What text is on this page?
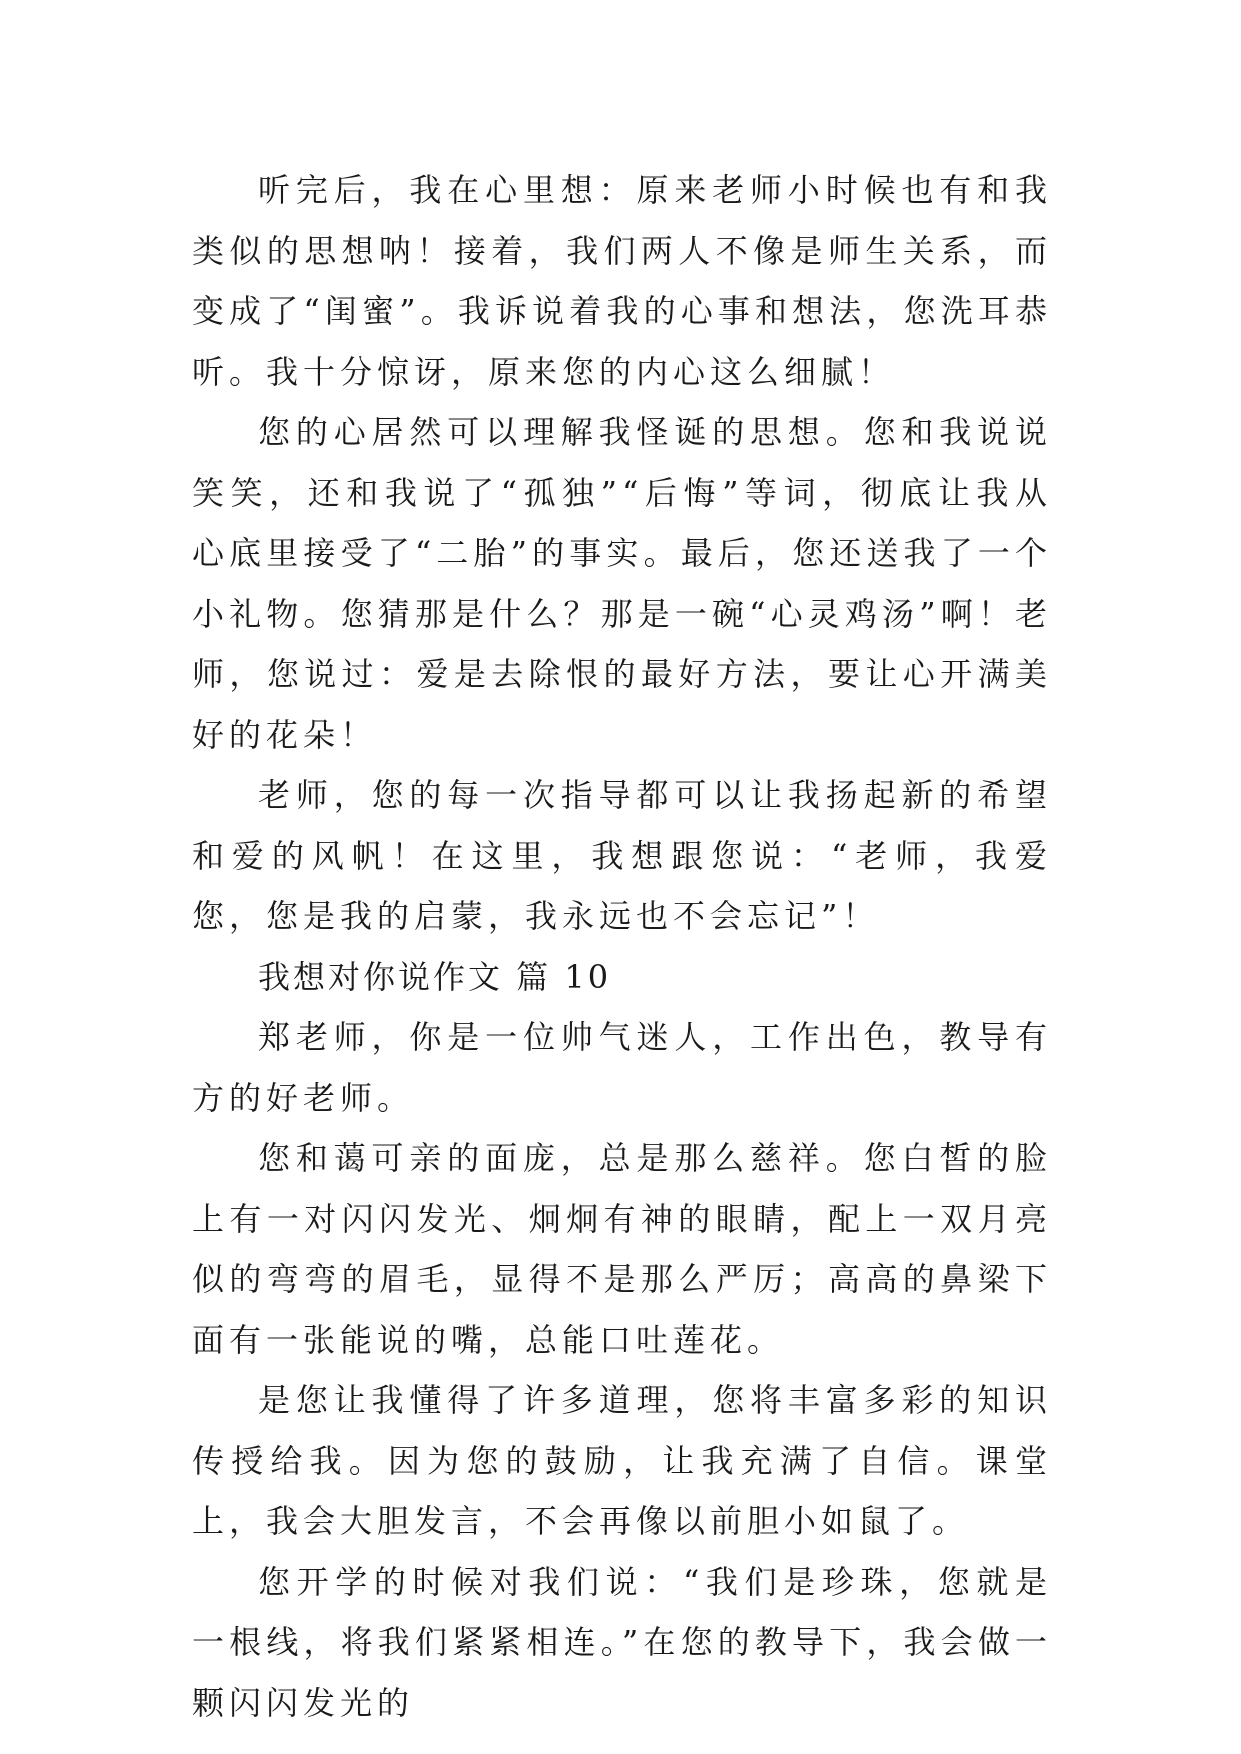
听完后，我在心里想：原来老师小时候也有和我类似的思想呐！接着，我们两人不像是师生关系，而变成了“闺蜜”。我诉说着我的心事和想法，您洗耳恭听。我十分惊讶，原来您的内心这么细腻！

您的心居然可以理解我怪诞的思想。您和我说说笑笑，还和我说了“孤独”“后悔”等词，彻底让我从心底里接受了“二胎”的事实。最后，您还送我了一个小礼物。您猜那是什么？那是一碗“心灵鸡汤”啊！老师，您说过：爱是去除恨的最好方法，要让心开满美好的花朵！

老师，您的每一次指导都可以让我扬起新的希望和爱的风帆！在这里，我想跟您说：“老师，我爱您，您是我的启蒙，我永远也不会忘记”！

我想对你说作文 篇 10

郑老师，你是一位帅气迷人，工作出色，教导有方的好老师。

您和蔼可亲的面庞，总是那么慈祥。您白皙的脸上有一对闪闪发光、炯炯有神的眼睛，配上一双月亮似的弯弯的眉毛，显得不是那么严厉；高高的鼻梁下面有一张能说的嘴，总能口吐莲花。

是您让我懂得了许多道理，您将丰富多彩的知识传授给我。因为您的鼓励，让我充满了自信。课堂上，我会大胆发言，不会再像以前胆小如鼠了。

您开学的时候对我们说：“我们是珍珠，您就是一根线，将我们紧紧相连。”在您的教导下，我会做一颗闪闪发光的
